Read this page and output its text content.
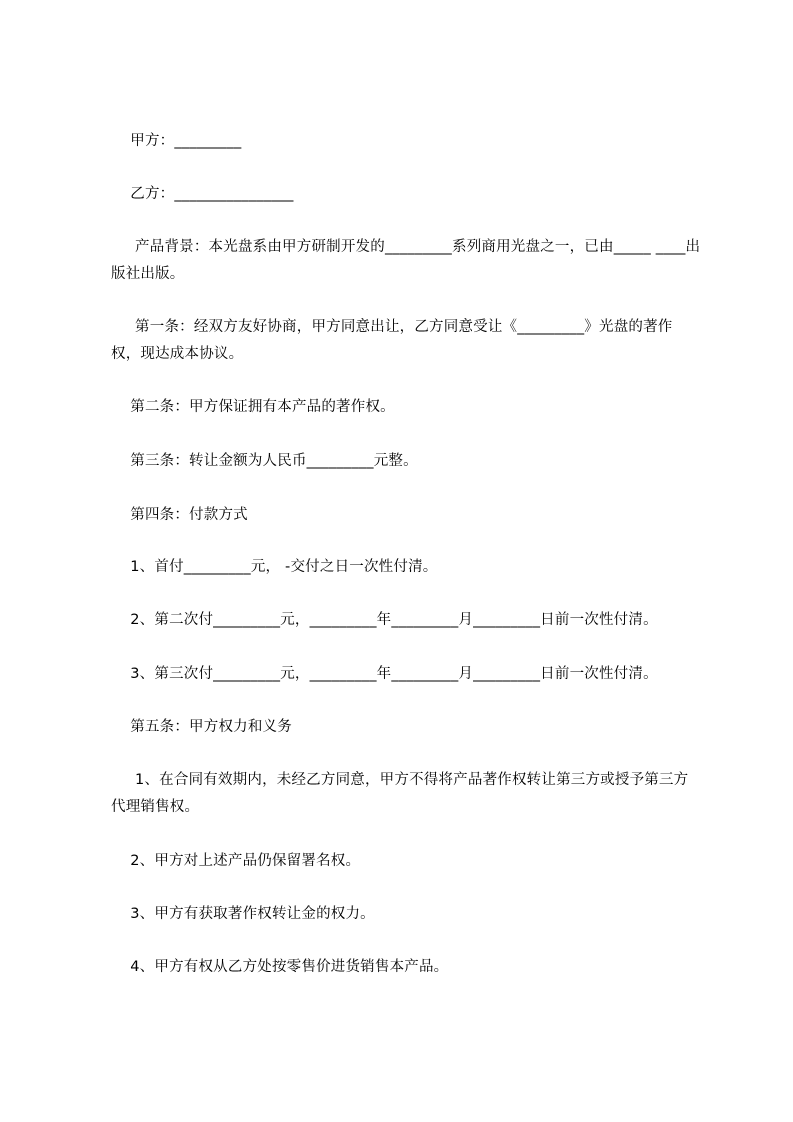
甲方：_________

乙方：________________

产品背景：本光盘系由甲方研制开发的_________系列商用光盘之一，已由_____ ____出版社出版。

第一条：经双方友好协商，甲方同意出让，乙方同意受让《_________》光盘的著作权，现达成本协议。

第二条：甲方保证拥有本产品的著作权。

第三条：转让金额为人民币_________元整。

第四条：付款方式

1、首付_________元， -交付之日一次性付清。

2、第二次付_________元，_________年_________月_________日前一次性付清。

3、第三次付_________元，_________年_________月_________日前一次性付清。

第五条：甲方权力和义务

1、在合同有效期内，未经乙方同意，甲方不得将产品著作权转让第三方或授予第三方代理销售权。

2、甲方对上述产品仍保留署名权。

3、甲方有获取著作权转让金的权力。

4、甲方有权从乙方处按零售价进货销售本产品。
